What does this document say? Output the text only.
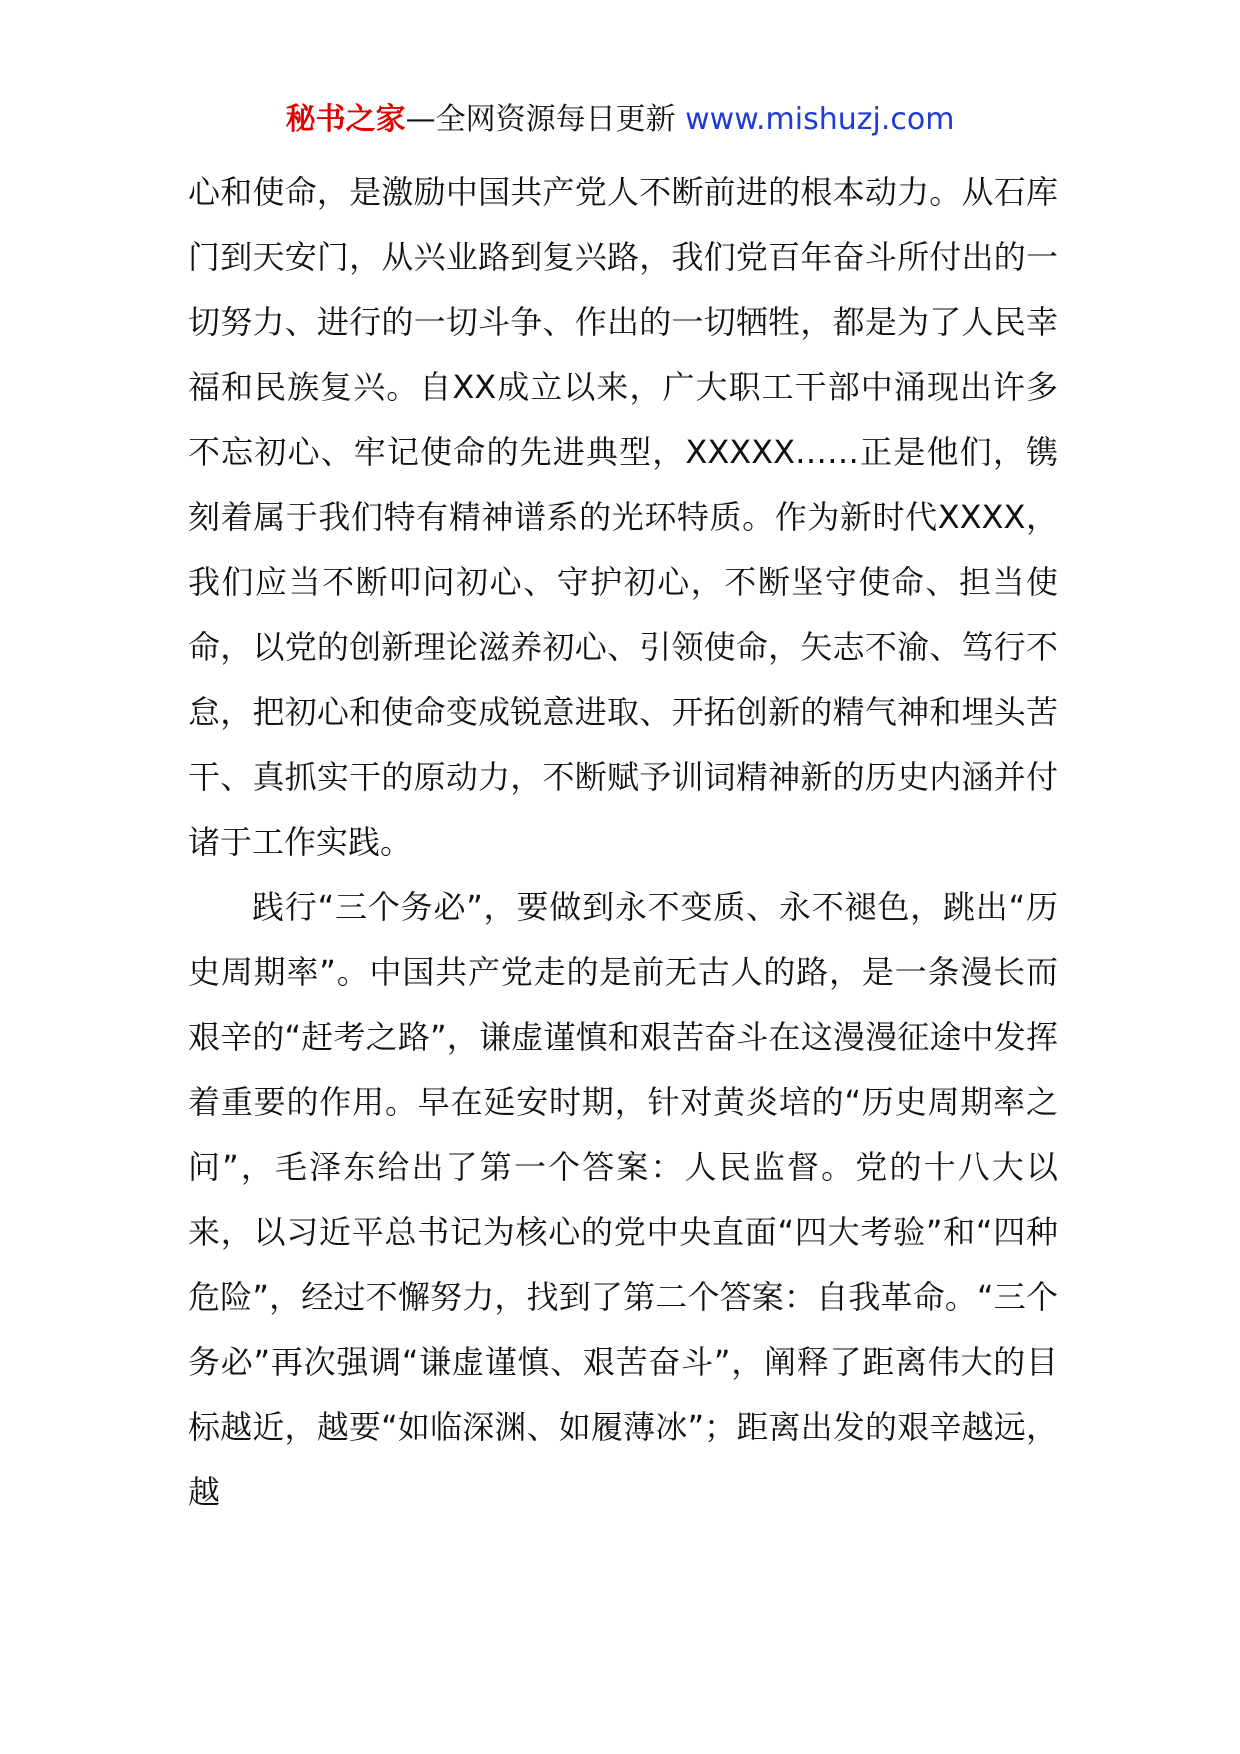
秘书之家—全网资源每日更新 www.mishuzj.com

心和使命，是激励中国共产党人不断前进的根本动力。从石库门到天安门，从兴业路到复兴路，我们党百年奋斗所付出的一切努力、进行的一切斗争、作出的一切牺牲，都是为了人民幸福和民族复兴。自XX成立以来，广大职工干部中涌现出许多不忘初心、牢记使命的先进典型，XXXXX……正是他们，镌刻着属于我们特有精神谱系的光环特质。作为新时代XXXX，我们应当不断叩问初心、守护初心，不断坚守使命、担当使命，以党的创新理论滋养初心、引领使命，矢志不渝、笃行不怠，把初心和使命变成锐意进取、开拓创新的精气神和埋头苦干、真抓实干的原动力，不断赋予训词精神新的历史内涵并付诸于工作实践。

践行“三个务必”，要做到永不变质、永不褪色，跳出“历史周期率”。中国共产党走的是前无古人的路，是一条漫长而艰辛的“赶考之路”，谦虚谨慎和艰苦奋斗在这漫漫征途中发挥着重要的作用。早在延安时期，针对黄炎培的“历史周期率之问”，毛泽东给出了第一个答案：人民监督。党的十八大以来，以习近平总书记为核心的党中央直面“四大考验”和“四种危险”，经过不懈努力，找到了第二个答案：自我革命。“三个务必”再次强调“谦虚谨慎、艰苦奋斗”，阐释了距离伟大的目标越近，越要“如临深渊、如履薄冰”；距离出发的艰辛越远，越
